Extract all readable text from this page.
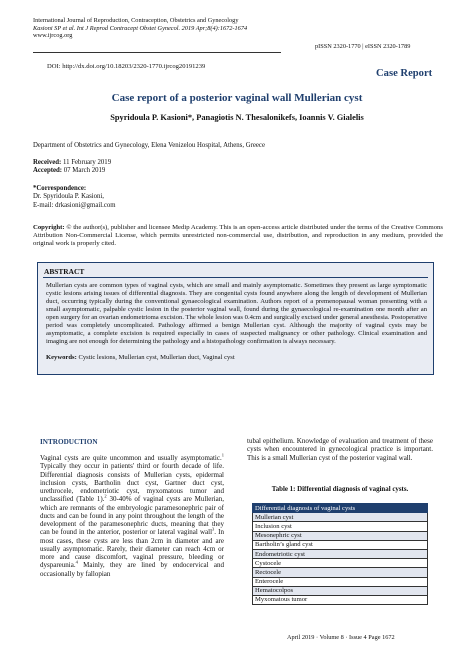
International Journal of Reproduction, Contraception, Obstetrics and Gynecology
Kasioni SP et al. Int J Reprod Contracept Obstet Gynecol. 2019 Apr;8(4):1672-1674
www.ijrcog.org
pISSN 2320-1770 | eISSN 2320-1789
DOI: http://dx.doi.org/10.18203/2320-1770.ijrcog20191239
Case Report
Case report of a posterior vaginal wall Mullerian cyst
Spyridoula P. Kasioni*, Panagiotis N. Thesalonikefs, Ioannis V. Gialelis
Department of Obstetrics and Gynecology, Elena Venizelou Hospital, Athens, Greece
Received: 11 February 2019
Accepted: 07 March 2019
*Correspondence:
Dr. Spyridoula P. Kasioni,
E-mail: drkasioni@gmail.com
Copyright: © the author(s), publisher and licensee Medip Academy. This is an open-access article distributed under the terms of the Creative Commons Attribution Non-Commercial License, which permits unrestricted non-commercial use, distribution, and reproduction in any medium, provided the original work is properly cited.
ABSTRACT
Mullerian cysts are common types of vaginal cysts, which are small and mainly asymptomatic. Sometimes they present as large symptomatic cystic lesions arising issues of differential diagnosis. They are congenital cysts found anywhere along the length of development of Mullerian duct, occurring typically during the conventional gynaecological examination. Authors report of a premenopausal woman presenting with a small asymptomatic, palpable cystic lesion in the posterior vaginal wall, found during the gynaecological re-examination one month after an open surgery for an ovarian endometrioma excision. The whole lesion was 0.4cm and surgically excised under general anesthesia. Postoperative period was completely uncomplicated. Pathology affirmed a benign Mullerian cyst. Although the majority of vaginal cysts may be asymptomatic, a complete excision is required especially in cases of suspected malignancy or other pathology. Clinical examination and imaging are not enough for determining the pathology and a histopathology confirmation is always necessary.
Keywords: Cystic lesions, Mullerian cyst, Mullerian duct, Vaginal cyst
INTRODUCTION
Vaginal cysts are quite uncommon and usually asymptomatic.$^1$ Typically they occur in patients' third or fourth decade of life. Differential diagnosis consists of Mullerian cysts, epidermal inclusion cysts, Bartholin duct cyst, Gartner duct cyst, urethrocele, endometriotic cyst, myxomatous tumor and unclassified (Table 1).$^2$ 30-40% of vaginal cysts are Mullerian, which are remnants of the embryologic paramesonephric pair of ducts and can be found in any point throughout the length of the development of the paramesonephric ducts, meaning that they can be found in the anterior, posterior or lateral vaginal wall$^3$. In most cases, these cysts are less than 2cm in diameter and are usually asymptomatic. Rarely, their diameter can reach 4cm or more and cause discomfort, vaginal pressure, bleeding or dyspareunia.$^4$ Mainly, they are lined by endocervical and occasionally by fallopian
tubal epithelium. Knowledge of evaluation and treatment of these cysts when encountered in gynecological practice is important. This is a small Mullerian cyst of the posterior vaginal wall.
Table 1: Differential diagnosis of vaginal cysts.
Differential diagnosis of vaginal cysts
Mullerian cyst
Inclusion cyst
Mesonephric cyst
Bartholin’s gland cyst
Endometriotic cyst
Cystocele
Rectocele
Enterocele
Hematocolpos
Myxomatous tumor
April 2019 · Volume 8 · Issue 4 Page 1672
